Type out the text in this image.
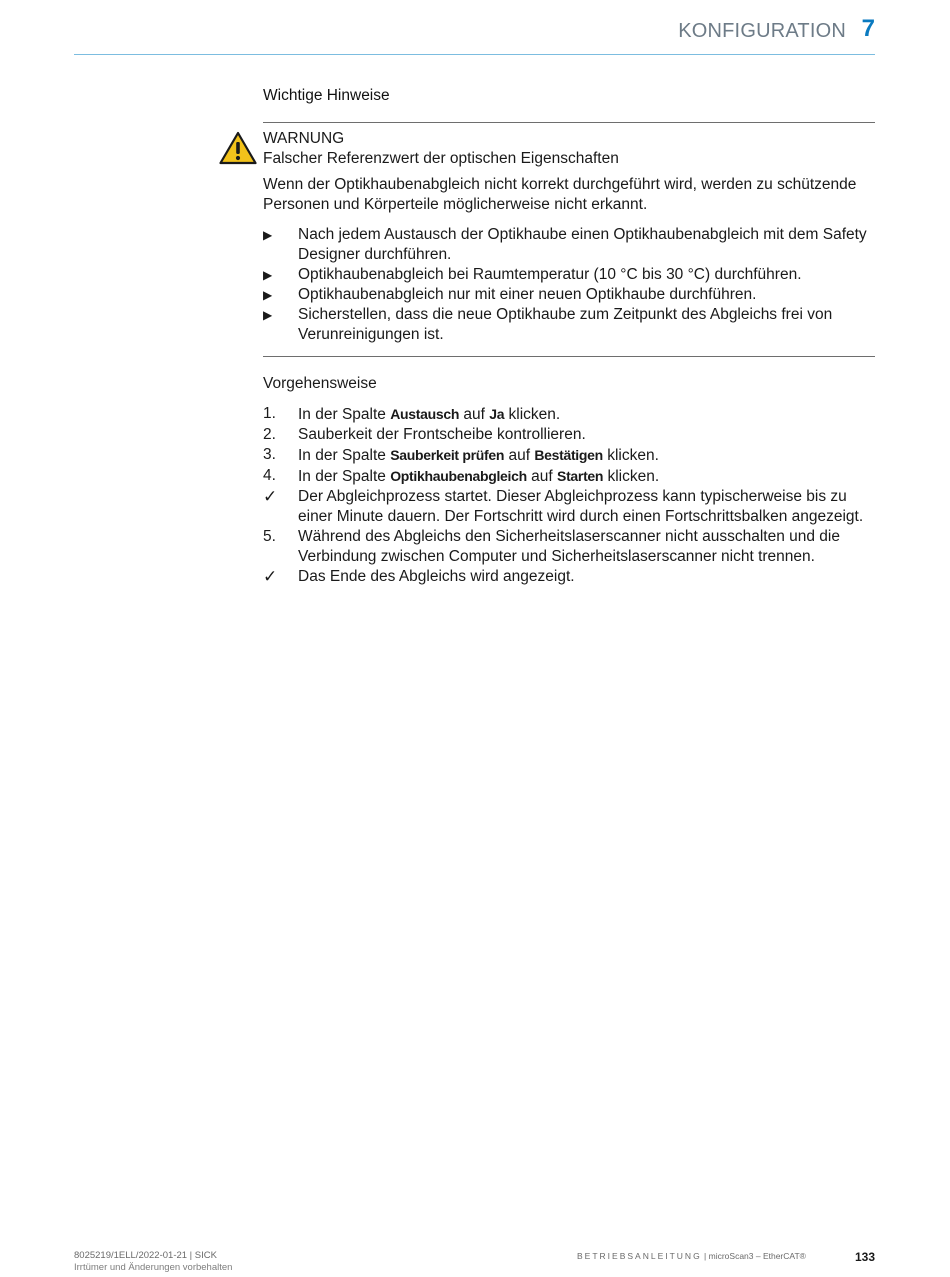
KONFIGURATION 7
Wichtige Hinweise
WARNUNG
Falscher Referenzwert der optischen Eigenschaften
Wenn der Optikhaubenabgleich nicht korrekt durchgeführt wird, werden zu schützende Personen und Körperteile möglicherweise nicht erkannt.
▶ Nach jedem Austausch der Optikhaube einen Optikhaubenabgleich mit dem Safety Designer durchführen.
▶ Optikhaubenabgleich bei Raumtemperatur (10 °C bis 30 °C) durchführen.
▶ Optikhaubenabgleich nur mit einer neuen Optikhaube durchführen.
▶ Sicherstellen, dass die neue Optikhaube zum Zeitpunkt des Abgleichs frei von Verunreinigungen ist.
Vorgehensweise
1. In der Spalte Austausch auf Ja klicken.
2. Sauberkeit der Frontscheibe kontrollieren.
3. In der Spalte Sauberkeit prüfen auf Bestätigen klicken.
4. In der Spalte Optikhaubenabgleich auf Starten klicken.
✓ Der Abgleichprozess startet. Dieser Abgleichprozess kann typischerweise bis zu einer Minute dauern. Der Fortschritt wird durch einen Fortschrittsbalken angezeigt.
5. Während des Abgleichs den Sicherheitslaserscanner nicht ausschalten und die Verbindung zwischen Computer und Sicherheitslaserscanner nicht trennen.
✓ Das Ende des Abgleichs wird angezeigt.
8025219/1ELL/2022-01-21 | SICK
Irrtümer und Änderungen vorbehalten
BETRIEBSANLEITUNG | microScan3 – EtherCAT®	133
